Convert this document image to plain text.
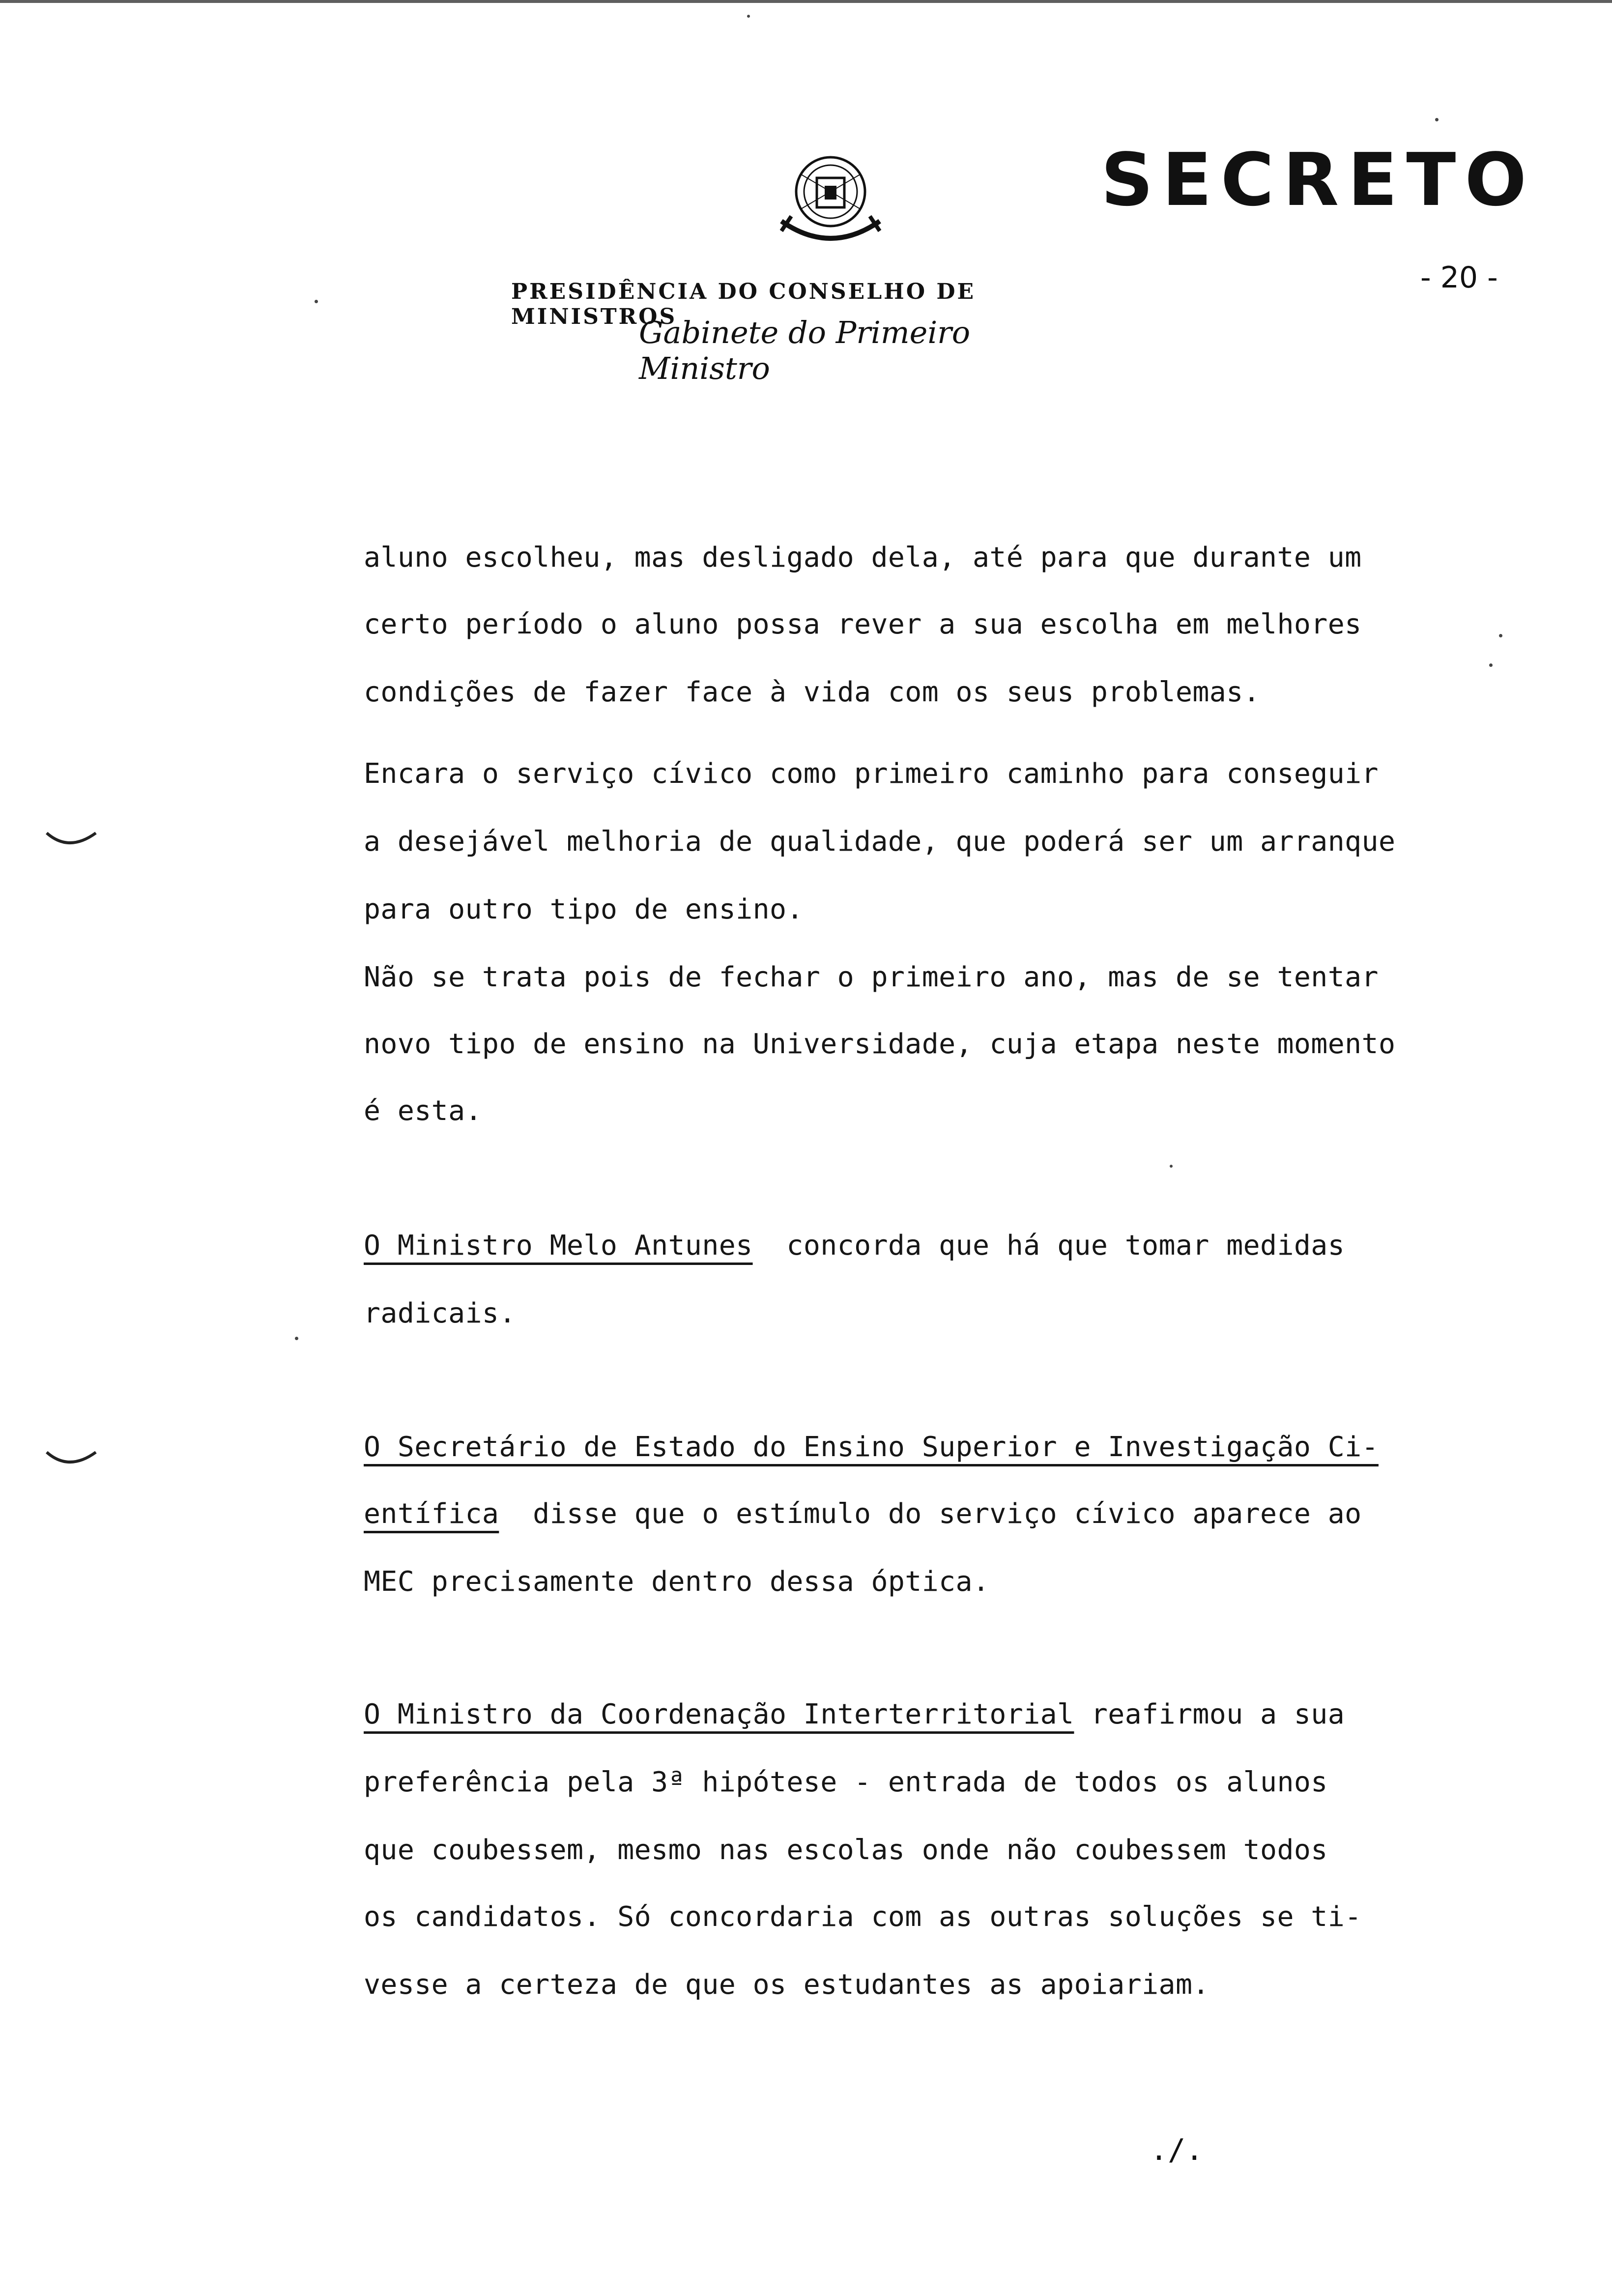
SECRETO
PRESIDÊNCIA DO CONSELHO DE MINISTROS
Gabinete do Primeiro Ministro
- 20 -
aluno escolheu, mas desligado dela, até para que durante um
certo período o aluno possa rever a sua escolha em melhores
condições de fazer face à vida com os seus problemas.
Encara o serviço cívico como primeiro caminho para conseguir
a desejável melhoria de qualidade, que poderá ser um arranque
para outro tipo de ensino.
Não se trata pois de fechar o primeiro ano, mas de se tentar
novo tipo de ensino na Universidade, cuja etapa neste momento
é esta.
O Ministro Melo Antunes  concorda que há que tomar medidas
radicais.
O Secretário de Estado do Ensino Superior e Investigação Ci-
entífica  disse que o estímulo do serviço cívico aparece ao
MEC precisamente dentro dessa óptica.
O Ministro da Coordenação Interterritorial reafirmou a sua
preferência pela 3ª hipótese - entrada de todos os alunos
que coubessem, mesmo nas escolas onde não coubessem todos
os candidatos. Só concordaria com as outras soluções se ti-
vesse a certeza de que os estudantes as apoiariam.
./.
